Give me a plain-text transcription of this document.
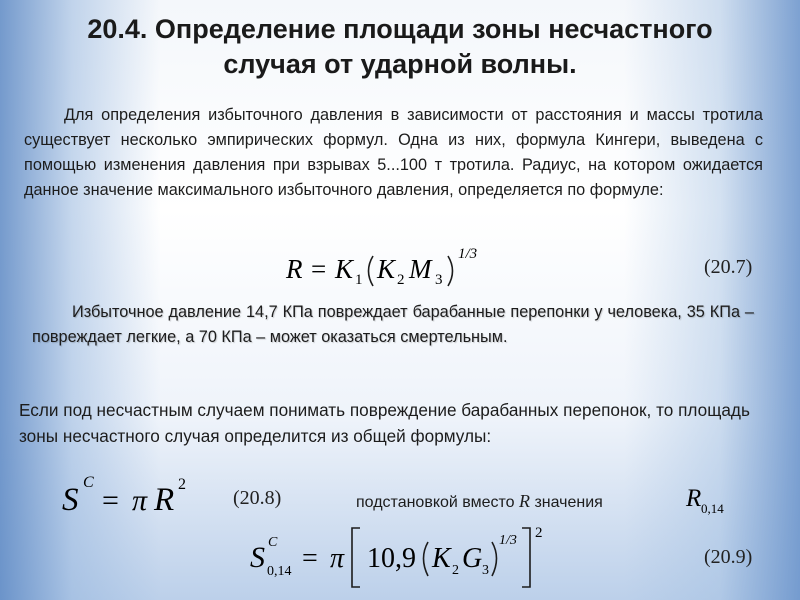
20.4. Определение площади зоны несчастного
случая от ударной волны.
Для определения избыточного давления в зависимости от расстояния и массы тротила существует несколько эмпирических формул. Одна из них, формула Кингери, выведена с помощью изменения давления при взрывах 5...100 т тротила. Радиус, на котором ожидается данное значение максимального избыточного давления, определяется по формуле:
R = K 1 K 2 M 3
1/3
(20.7)
Избыточное давление 14,7 КПа повреждает барабанные перепонки у человека, 35 КПа – повреждает легкие, а 70 КПа – может оказаться смертельным.
Если под несчастным случаем понимать повреждение барабанных перепонок, то площадь зоны несчастного случая определится из общей формулы:
S C
= π R 2
(20.8)	подстановкой вместо R значения	R 0,14
S C
0,14 = π 10,9 K 2 G 3
1/3 2
(20.9)
